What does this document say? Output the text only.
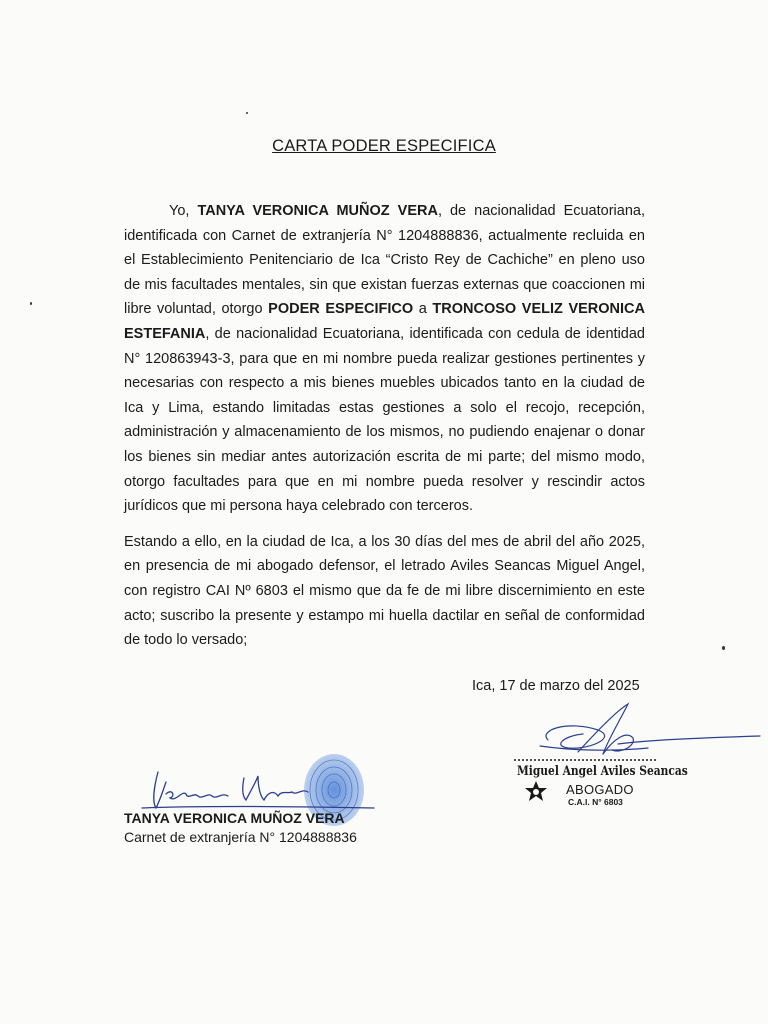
CARTA PODER ESPECIFICA

Yo, TANYA VERONICA MUÑOZ VERA, de nacionalidad Ecuatoriana, identificada con Carnet de extranjería N° 1204888836, actualmente recluida en el Establecimiento Penitenciario de Ica “Cristo Rey de Cachiche” en pleno uso de mis facultades mentales, sin que existan fuerzas externas que coaccionen mi libre voluntad, otorgo PODER ESPECIFICO a TRONCOSO VELIZ VERONICA ESTEFANIA, de nacionalidad Ecuatoriana, identificada con cedula de identidad N° 120863943-3, para que en mi nombre pueda realizar gestiones pertinentes y necesarias con respecto a mis bienes muebles ubicados tanto en la ciudad de Ica y Lima, estando limitadas estas gestiones a solo el recojo, recepción, administración y almacenamiento de los mismos, no pudiendo enajenar o donar los bienes sin mediar antes autorización escrita de mi parte; del mismo modo, otorgo facultades para que en mi nombre pueda resolver y rescindir actos jurídicos que mi persona haya celebrado con terceros.

Estando a ello, en la ciudad de Ica, a los 30 días del mes de abril del año 2025, en presencia de mi abogado defensor, el letrado Aviles Seancas Miguel Angel, con registro CAI Nº 6803 el mismo que da fe de mi libre discernimiento en este acto; suscribo la presente y estampo mi huella dactilar en señal de conformidad de todo lo versado;

Ica, 17 de marzo del 2025
Miguel Angel Aviles Seancas
ABOGADO
C.A.I. N° 6803
TANYA VERONICA MUÑOZ VERA
Carnet de extranjería N° 1204888836
